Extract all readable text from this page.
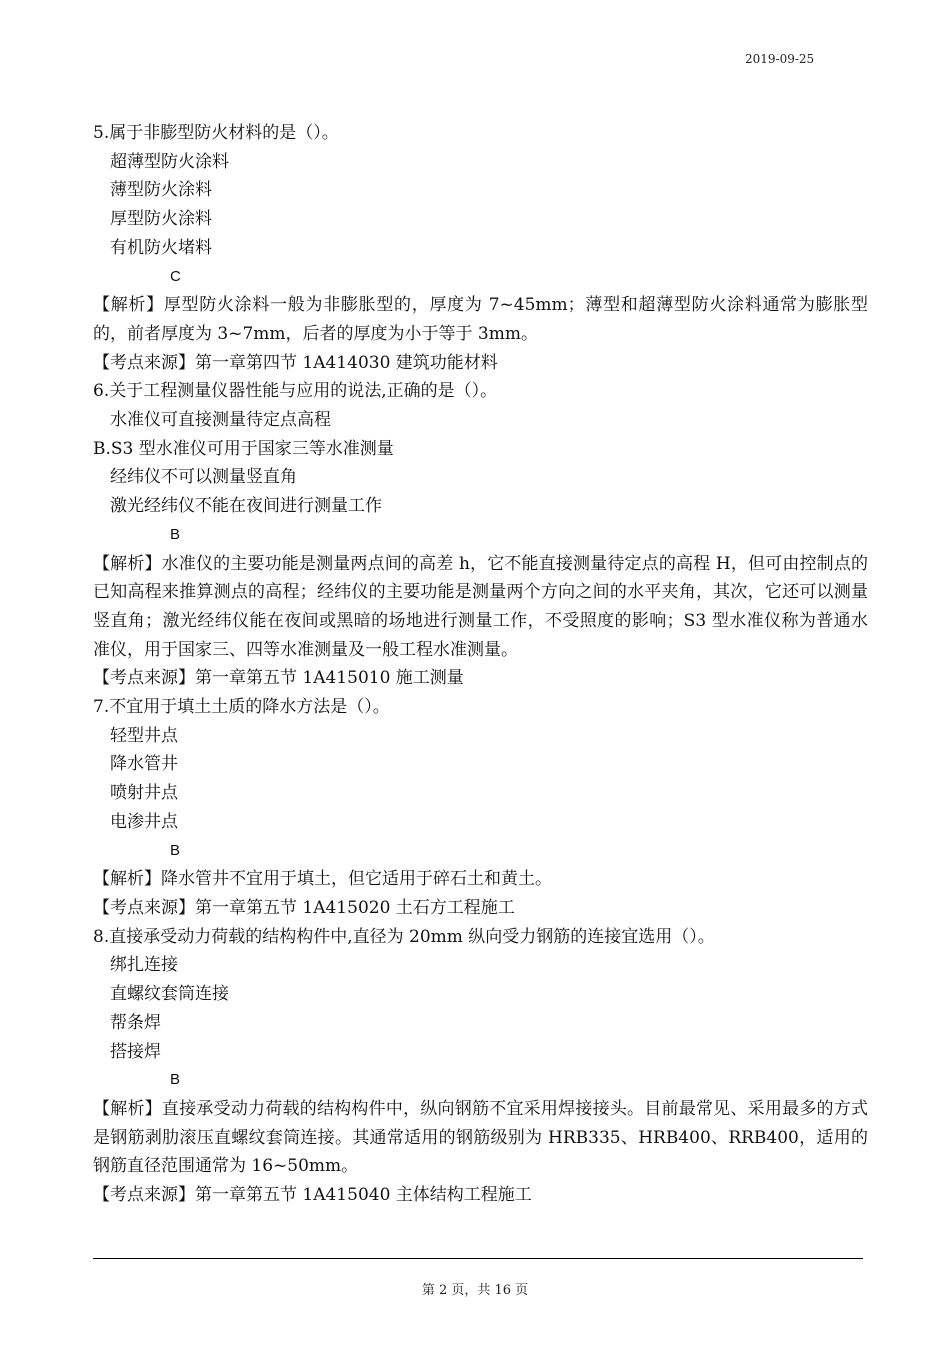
2019-09-25
5.属于非膨型防火材料的是（）。
超薄型防火涂料
薄型防火涂料
厚型防火涂料
有机防火堵料
C
【解析】厚型防火涂料一般为非膨胀型的，厚度为 7~45mm；薄型和超薄型防火涂料通常为膨胀型的，前者厚度为 3~7mm，后者的厚度为小于等于 3mm。
【考点来源】第一章第四节 1A414030 建筑功能材料
6.关于工程测量仪器性能与应用的说法,正确的是（）。
水准仪可直接测量待定点高程
B.S3 型水准仪可用于国家三等水准测量
经纬仪不可以测量竖直角
激光经纬仪不能在夜间进行测量工作
B
【解析】水准仪的主要功能是测量两点间的高差 h，它不能直接测量待定点的高程 H，但可由控制点的已知高程来推算测点的高程；经纬仪的主要功能是测量两个方向之间的水平夹角，其次，它还可以测量竖直角；激光经纬仪能在夜间或黑暗的场地进行测量工作，不受照度的影响；S3 型水准仪称为普通水准仪，用于国家三、四等水准测量及一般工程水准测量。
【考点来源】第一章第五节 1A415010 施工测量
7.不宜用于填土土质的降水方法是（）。
轻型井点
降水管井
喷射井点
电渗井点
B
【解析】降水管井不宜用于填土，但它适用于碎石土和黄土。
【考点来源】第一章第五节 1A415020 土石方工程施工
8.直接承受动力荷载的结构构件中,直径为 20mm 纵向受力钢筋的连接宜选用（）。
绑扎连接
直螺纹套筒连接
帮条焊
搭接焊
B
【解析】直接承受动力荷载的结构构件中，纵向钢筋不宜采用焊接接头。目前最常见、采用最多的方式是钢筋剥肋滚压直螺纹套筒连接。其通常适用的钢筋级别为 HRB335、HRB400、RRB400，适用的钢筋直径范围通常为 16~50mm。
【考点来源】第一章第五节 1A415040 主体结构工程施工
第 2 页，共 16 页
